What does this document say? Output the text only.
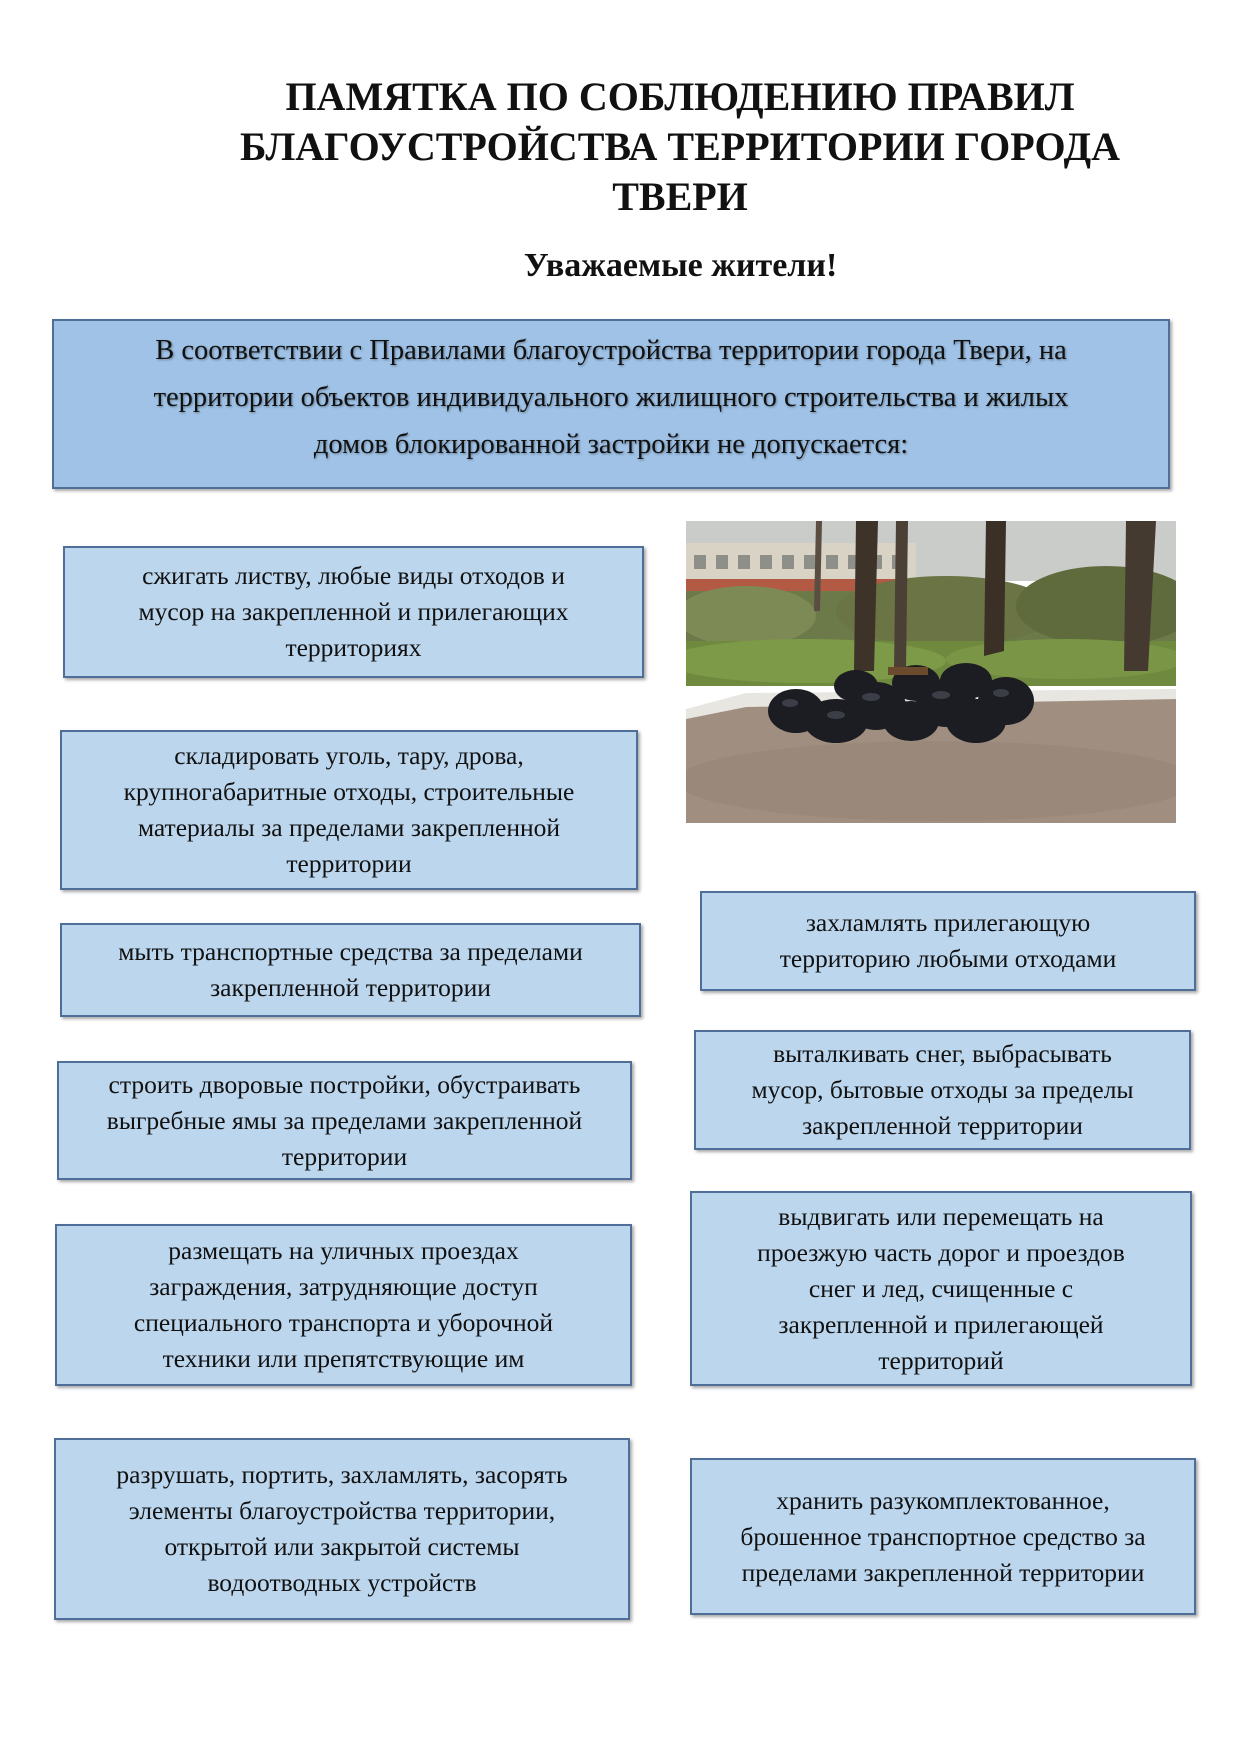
ПАМЯТКА ПО СОБЛЮДЕНИЮ ПРАВИЛ
БЛАГОУСТРОЙСТВА ТЕРРИТОРИИ ГОРОДА
ТВЕРИ
Уважаемые жители!
В соответствии с Правилами благоустройства территории города Твери, на
территории объектов индивидуального жилищного строительства и жилых
домов блокированной застройки не допускается:
сжигать листву, любые виды отходов и
мусор на закрепленной и прилегающих
территориях
складировать уголь, тару, дрова,
крупногабаритные отходы, строительные
материалы за пределами закрепленной
территории
мыть транспортные средства за пределами
закрепленной территории
строить дворовые постройки, обустраивать
выгребные ямы за пределами закрепленной
территории
размещать на уличных проездах
заграждения, затрудняющие доступ
специального транспорта и уборочной
техники или препятствующие им
разрушать, портить, захламлять, засорять
элементы благоустройства территории,
открытой или закрытой системы
водоотводных устройств
захламлять прилегающую
территорию любыми отходами
выталкивать снег, выбрасывать
мусор, бытовые отходы за пределы
закрепленной территории
выдвигать или перемещать на
проезжую часть дорог и проездов
снег и лед, счищенные с
закрепленной и прилегающей
территорий
хранить разукомплектованное,
брошенное транспортное средство за
пределами закрепленной территории
